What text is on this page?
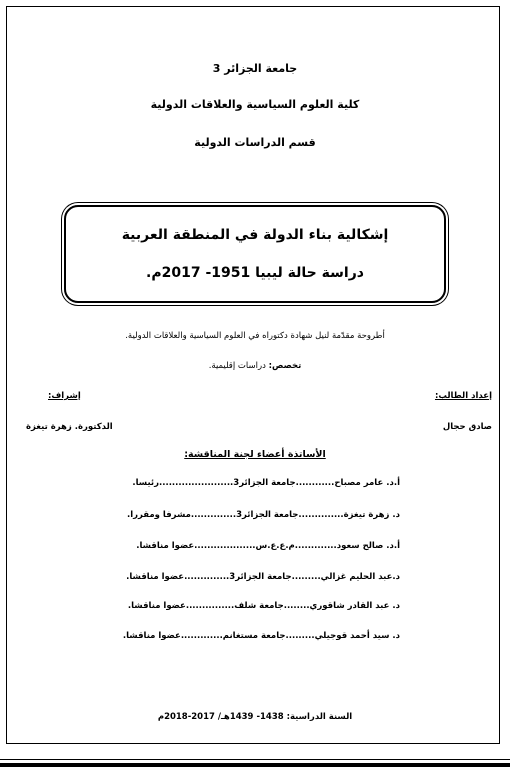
جامعة الجزائر 3
كلية العلوم السياسية والعلاقات الدولية
قسم الدراسات الدولية
إشكالية بناء الدولة في المنطقة العربية
دراسة حالة ليبيا 1951- 2017م.
أطروحة مقدّمة لنيل شهادة دكتوراه في العلوم السياسية والعلاقات الدولية.
تخصص: دراسات إقليمية.
إعداد الطالب:
صادق حجال
إشراف:
الدكتورة. زهرة تيغزة
الأساتذة أعضاء لجنة المناقشة:
أ.د. عامر مصباح............جامعة الجزائر3.......................رئيسا.
د. زهرة تيغزة..............جامعة الجزائر3..............مشرفا ومقررا.
أ.د. صالح سعود.............م.ع.ع.س...................عضوا مناقشا.
د.عبد الحليم غزالي.........جامعة الجزائر3..............عضوا مناقشا.
د. عبد القادر شاقوري........جامعة شلف...............عضوا مناقشا.
د. سيد أحمد قوجيلي.........جامعة مستغانم.............عضوا مناقشا.
السنة الدراسية: 1438- 1439هـ/ 2017-2018م
